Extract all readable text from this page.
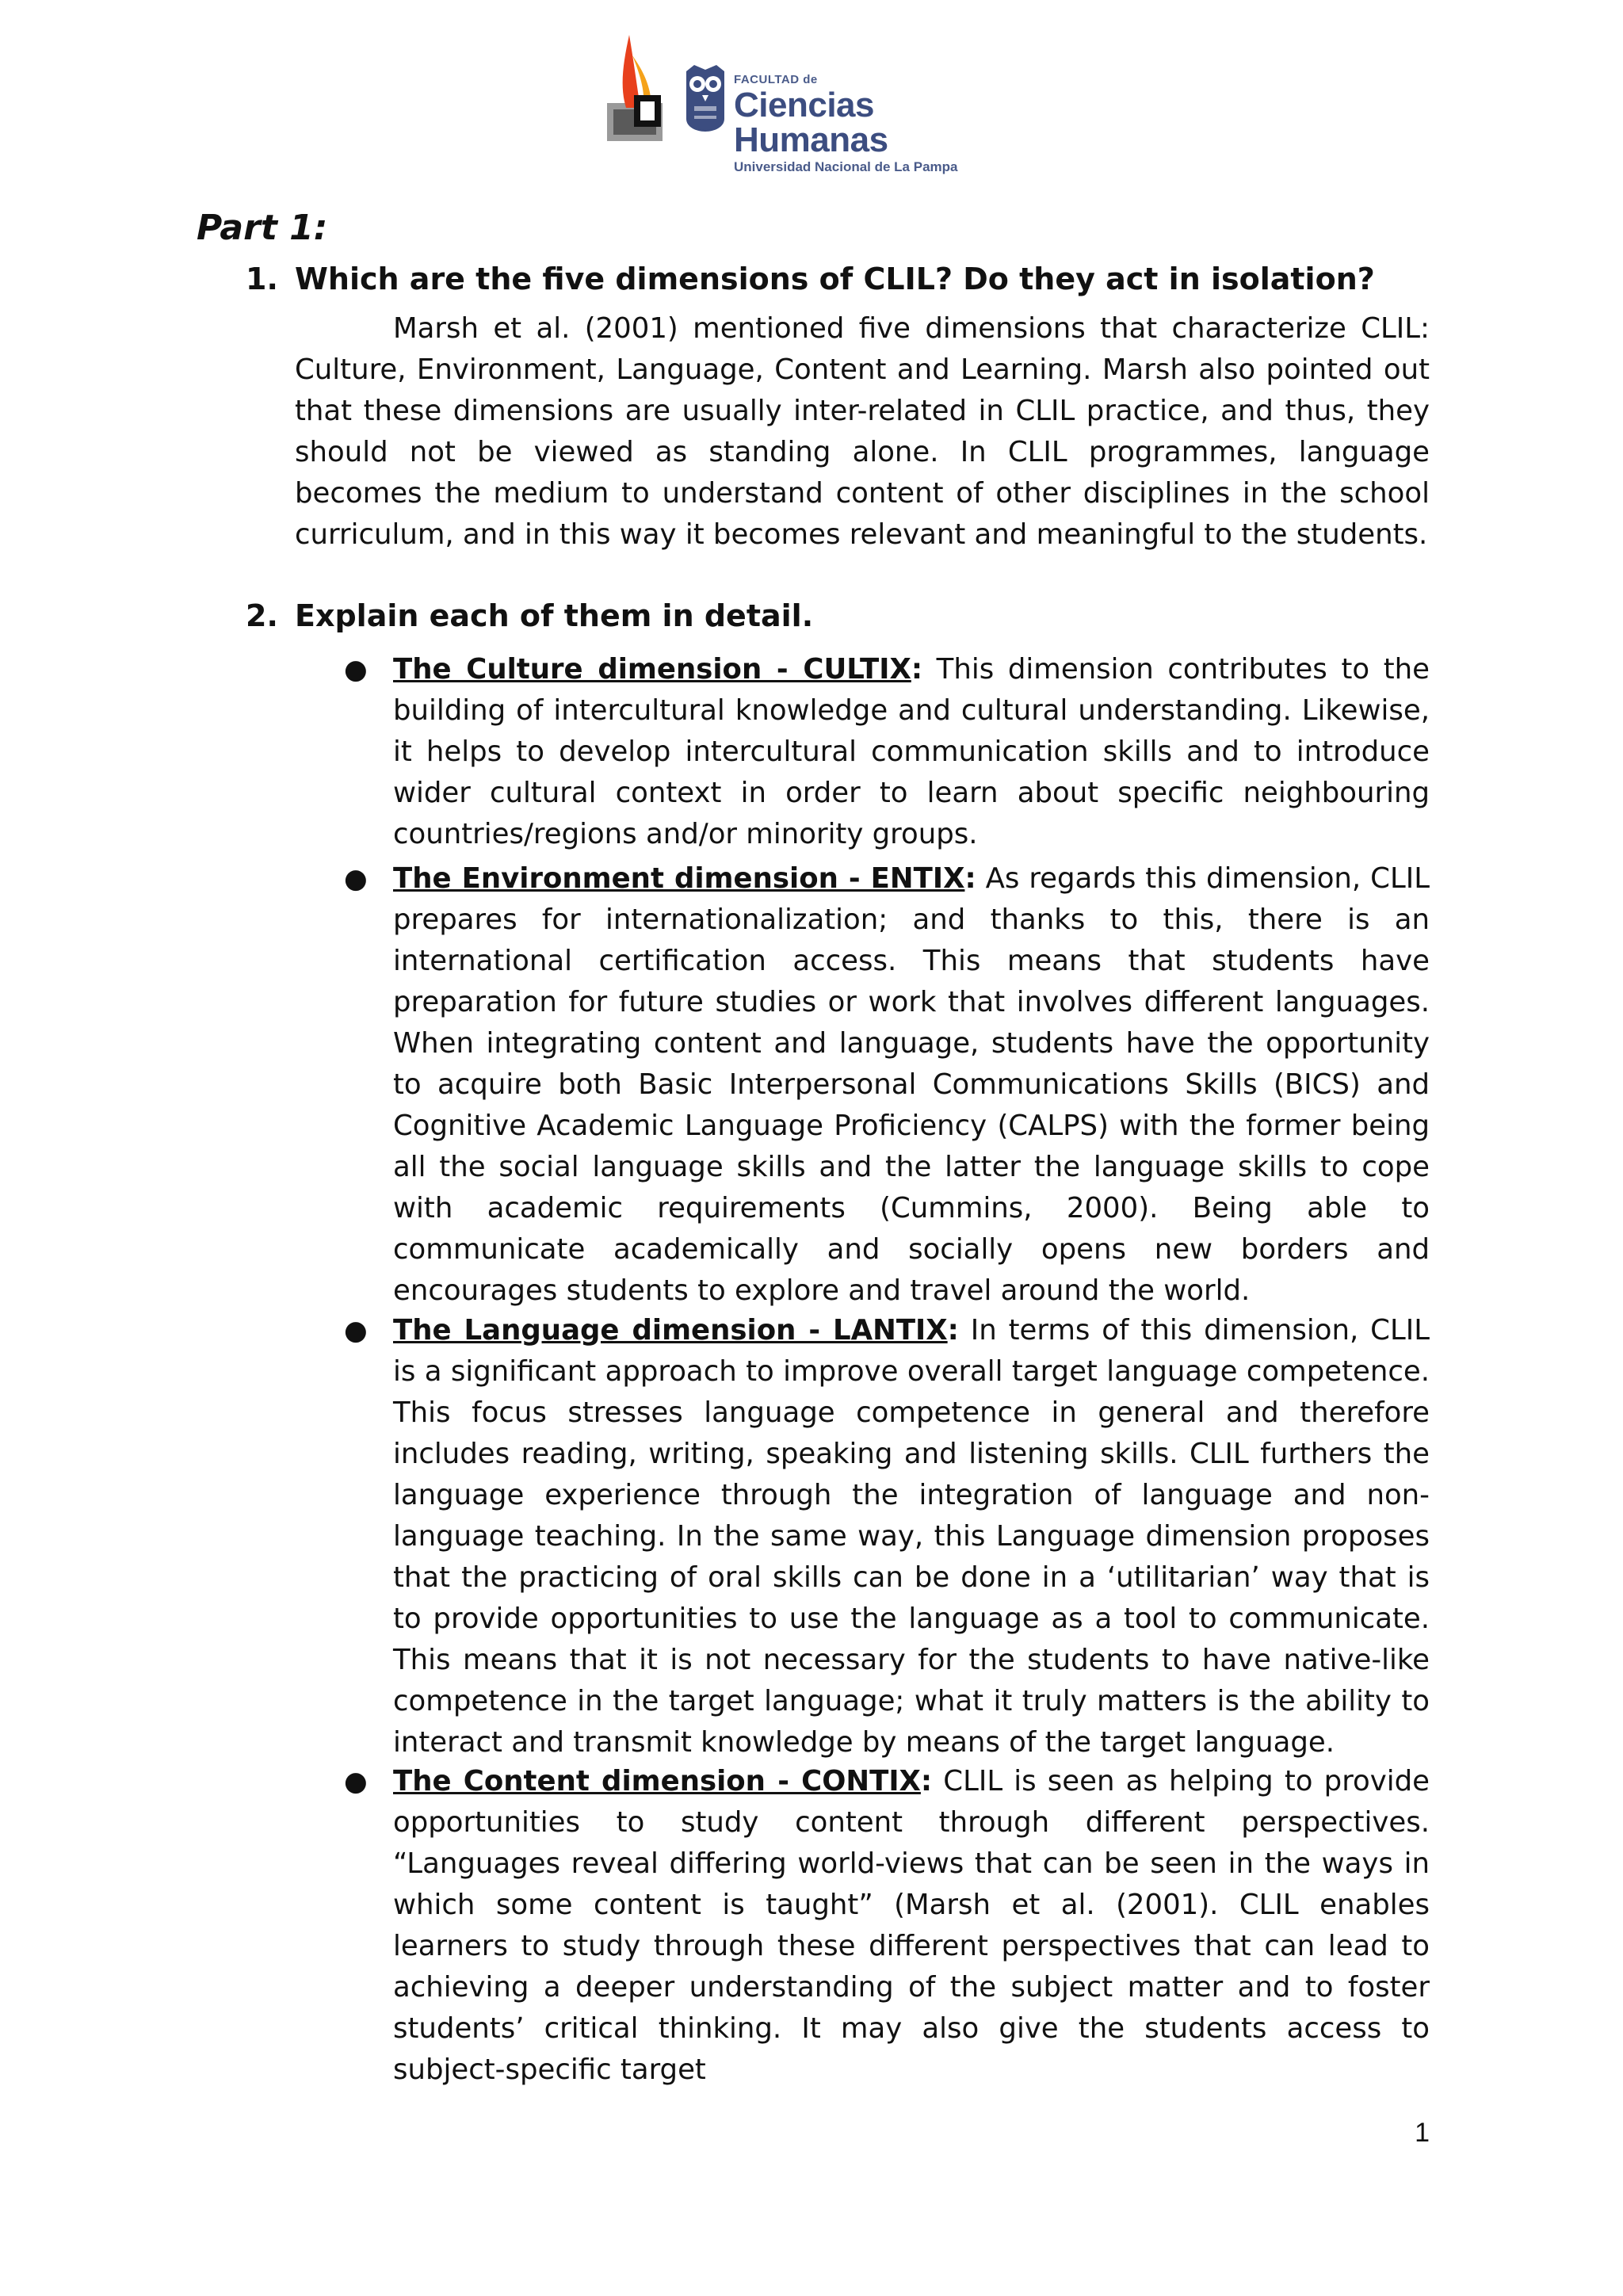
FACULTAD de
Ciencias Humanas
Universidad Nacional de La Pampa
Part 1:
1. Which are the five dimensions of CLIL? Do they act in isolation?
Marsh et al. (2001) mentioned five dimensions that characterize CLIL: Culture, Environment, Language, Content and Learning. Marsh also pointed out that these dimensions are usually inter-related in CLIL practice, and thus, they should not be viewed as standing alone. In CLIL programmes, language becomes the medium to understand content of other disciplines in the school curriculum, and in this way it becomes relevant and meaningful to the students.
2. Explain each of them in detail.
● The Culture dimension - CULTIX: This dimension contributes to the building of intercultural knowledge and cultural understanding. Likewise, it helps to develop intercultural communication skills and to introduce wider cultural context in order to learn about specific neighbouring countries/regions and/or minority groups.
● The Environment dimension - ENTIX: As regards this dimension, CLIL prepares for internationalization; and thanks to this, there is an international certification access. This means that students have preparation for future studies or work that involves different languages. When integrating content and language, students have the opportunity to acquire both Basic Interpersonal Communications Skills (BICS) and Cognitive Academic Language Proficiency (CALPS) with the former being all the social language skills and the latter the language skills to cope with academic requirements (Cummins, 2000). Being able to communicate academically and socially opens new borders and encourages students to explore and travel around the world.
● The Language dimension - LANTIX: In terms of this dimension, CLIL is a significant approach to improve overall target language competence. This focus stresses language competence in general and therefore includes reading, writing, speaking and listening skills. CLIL furthers the language experience through the integration of language and non-language teaching. In the same way, this Language dimension proposes that the practicing of oral skills can be done in a ‘utilitarian’ way that is to provide opportunities to use the language as a tool to communicate. This means that it is not necessary for the students to have native-like competence in the target language; what it truly matters is the ability to interact and transmit knowledge by means of the target language.
● The Content dimension - CONTIX: CLIL is seen as helping to provide opportunities to study content through different perspectives. “Languages reveal differing world-views that can be seen in the ways in which some content is taught” (Marsh et al. (2001). CLIL enables learners to study through these different perspectives that can lead to achieving a deeper understanding of the subject matter and to foster students’ critical thinking. It may also give the students access to subject-specific target
1
